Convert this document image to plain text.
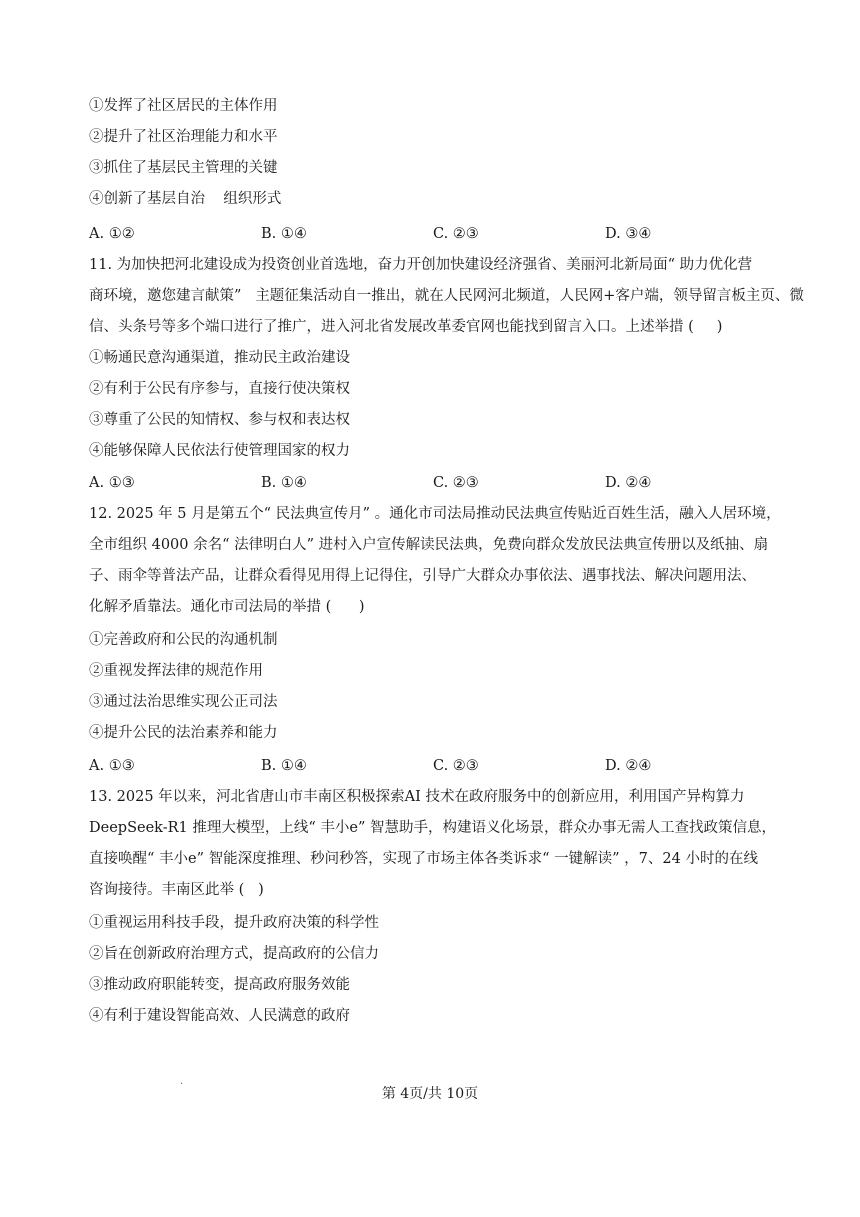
①发挥了社区居民的主体作用
②提升了社区治理能力和水平
③抓住了基层民主管理的关键
④创新了基层自治    组织形式
A. ①②	B. ①④	C. ②③	D. ③④
11. 为加快把河北建设成为投资创业首选地，奋力开创加快建设经济强省、美丽河北新局面“ 助力优化营
商环境，邀您建言献策”   主题征集活动自一推出，就在人民网河北频道，人民网+客户端，领导留言板主页、微
信、头条号等多个端口进行了推广，进入河北省发展改革委官网也能找到留言入口。上述举措 (     )
①畅通民意沟通渠道，推动民主政治建设
②有利于公民有序参与，直接行使决策权
③尊重了公民的知情权、参与权和表达权
④能够保障人民依法行使管理国家的权力
A. ①③	B. ①④	C. ②③	D. ②④
12. 2025 年 5 月是第五个“ 民法典宣传月” 。通化市司法局推动民法典宣传贴近百姓生活，融入人居环境，
全市组织 4000 余名“ 法律明白人” 进村入户宣传解读民法典，免费向群众发放民法典宣传册以及纸抽、扇
子、雨伞等普法产品，让群众看得见用得上记得住，引导广大群众办事依法、遇事找法、解决问题用法、
化解矛盾靠法。通化市司法局的举措 (      )
①完善政府和公民的沟通机制
②重视发挥法律的规范作用
③通过法治思维实现公正司法
④提升公民的法治素养和能力
A. ①③	B. ①④	C. ②③	D. ②④
13. 2025 年以来，河北省唐山市丰南区积极探索AI 技术在政府服务中的创新应用，利用国产异构算力
DeepSeek-R1 推理大模型，上线“ 丰小e” 智慧助手，构建语义化场景，群众办事无需人工查找政策信息，
直接唤醒“ 丰小e” 智能深度推理、秒问秒答，实现了市场主体各类诉求“ 一键解读” ，7、24 小时的在线
咨询接待。丰南区此举 (   )
①重视运用科技手段，提升政府决策的科学性
②旨在创新政府治理方式，提高政府的公信力
③推动政府职能转变，提高政府服务效能
④有利于建设智能高效、人民满意的政府
·
第 4页/共 10页
